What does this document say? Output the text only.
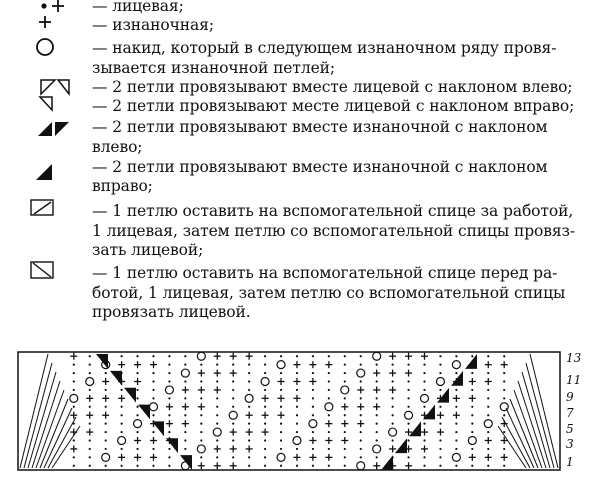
— лицевая;
— изнаночная;
— накид, который в следующем изнаночном ряду провя-
зывается изнаночной петлей;
— 2 петли провязывают вместе лицевой с наклоном влево;
— 2 петли провязывают месте лицевой с наклоном вправо;
— 2 петли провязывают вместе изнаночной с наклоном
влево;
— 2 петли провязывают вместе изнаночной с наклоном
вправо;
— 1 петлю оставить на вспомогательной спице за работой,
1 лицевая, затем петлю со вспомогательной спицы провяз-
зать лицевой;
— 1 петлю оставить на вспомогательной спице перед ра-
ботой, 1 лицевая, затем петлю со вспомогательной спицы
провязать лицевой.
13
11
9
7
5
3
1
